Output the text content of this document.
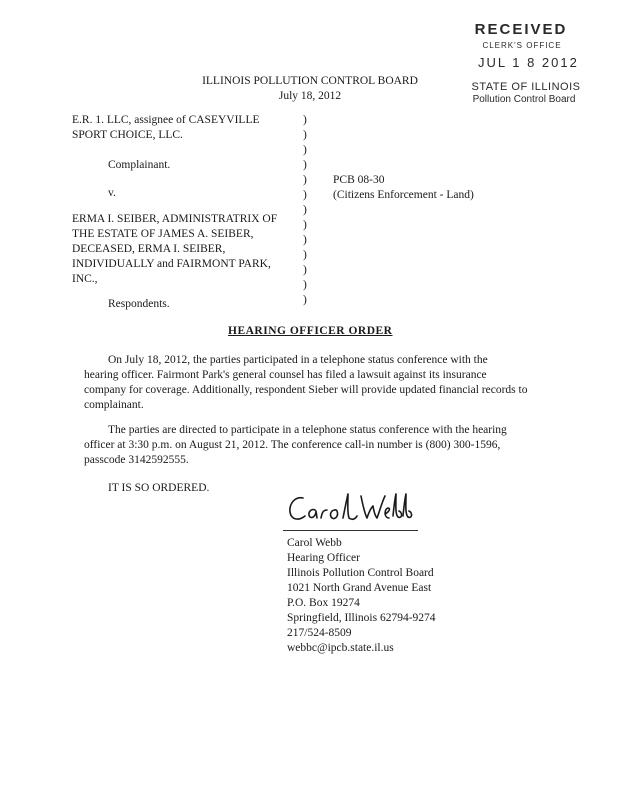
RECEIVED
CLERK'S OFFICE
JUL 1 8 2012
STATE OF ILLINOIS
Pollution Control Board
ILLINOIS POLLUTION CONTROL BOARD
July 18, 2012
E.R. 1. LLC, assignee of CASEYVILLE
SPORT CHOICE, LLC.
Complainant.
v.
ERMA I. SEIBER, ADMINISTRATRIX OF
THE ESTATE OF JAMES A. SEIBER,
DECEASED, ERMA I. SEIBER,
INDIVIDUALLY and FAIRMONT PARK,
INC.,
Respondents.
)
)
)
)
)
)
)
)
)
)
)
)
)
PCB 08-30
(Citizens Enforcement - Land)
HEARING OFFICER ORDER
On July 18, 2012, the parties participated in a telephone status conference with the
hearing officer. Fairmont Park's general counsel has filed a lawsuit against its insurance
company for coverage. Additionally, respondent Sieber will provide updated financial records to
complainant.
The parties are directed to participate in a telephone status conference with the hearing
officer at 3:30 p.m. on August 21, 2012. The conference call-in number is (800) 300-1596,
passcode 3142592555.
IT IS SO ORDERED.
Carol Webb
Hearing Officer
Illinois Pollution Control Board
1021 North Grand Avenue East
P.O. Box 19274
Springfield, Illinois 62794-9274
217/524-8509
webbc@ipcb.state.il.us
